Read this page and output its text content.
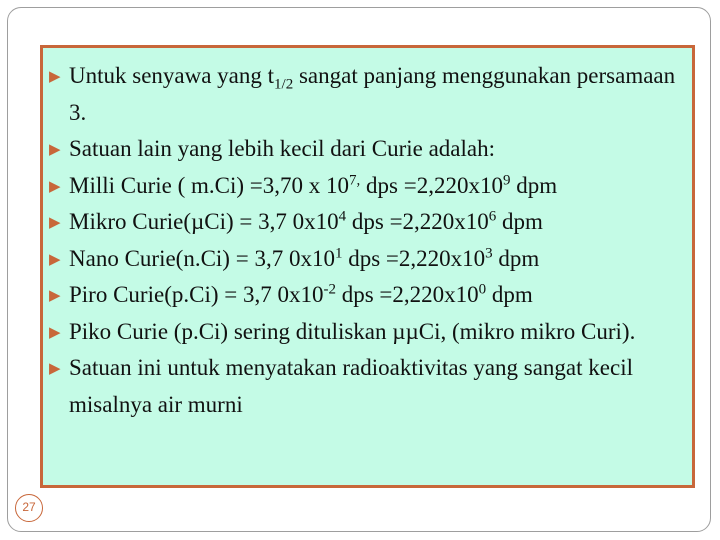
▶ Untuk senyawa yang $t_{1/2}$ sangat panjang menggunakan persamaan 3.
▶ Satuan lain yang lebih kecil dari Curie adalah:
▶ Milli Curie ( m.Ci) =3,70 x $10^{7,}$ dps $=2,220x10^9$ dpm
▶ Mikro Curie(µCi) = 3,7 $0x10^4$ dps $=2,220x10^6$ dpm
▶ Nano Curie(n.Ci) = 3,7 $0x10^1$ dps $=2,220x10^3$ dpm
▶ Piro Curie(p.Ci) = 3,7 $0x10^{-2}$ dps $=2,220x10^0$ dpm
▶ Piko Curie (p.Ci) sering dituliskan µµCi, (mikro mikro Curi).
▶ Satuan ini untuk menyatakan radioaktivitas yang sangat kecil misalnya air murni
27
